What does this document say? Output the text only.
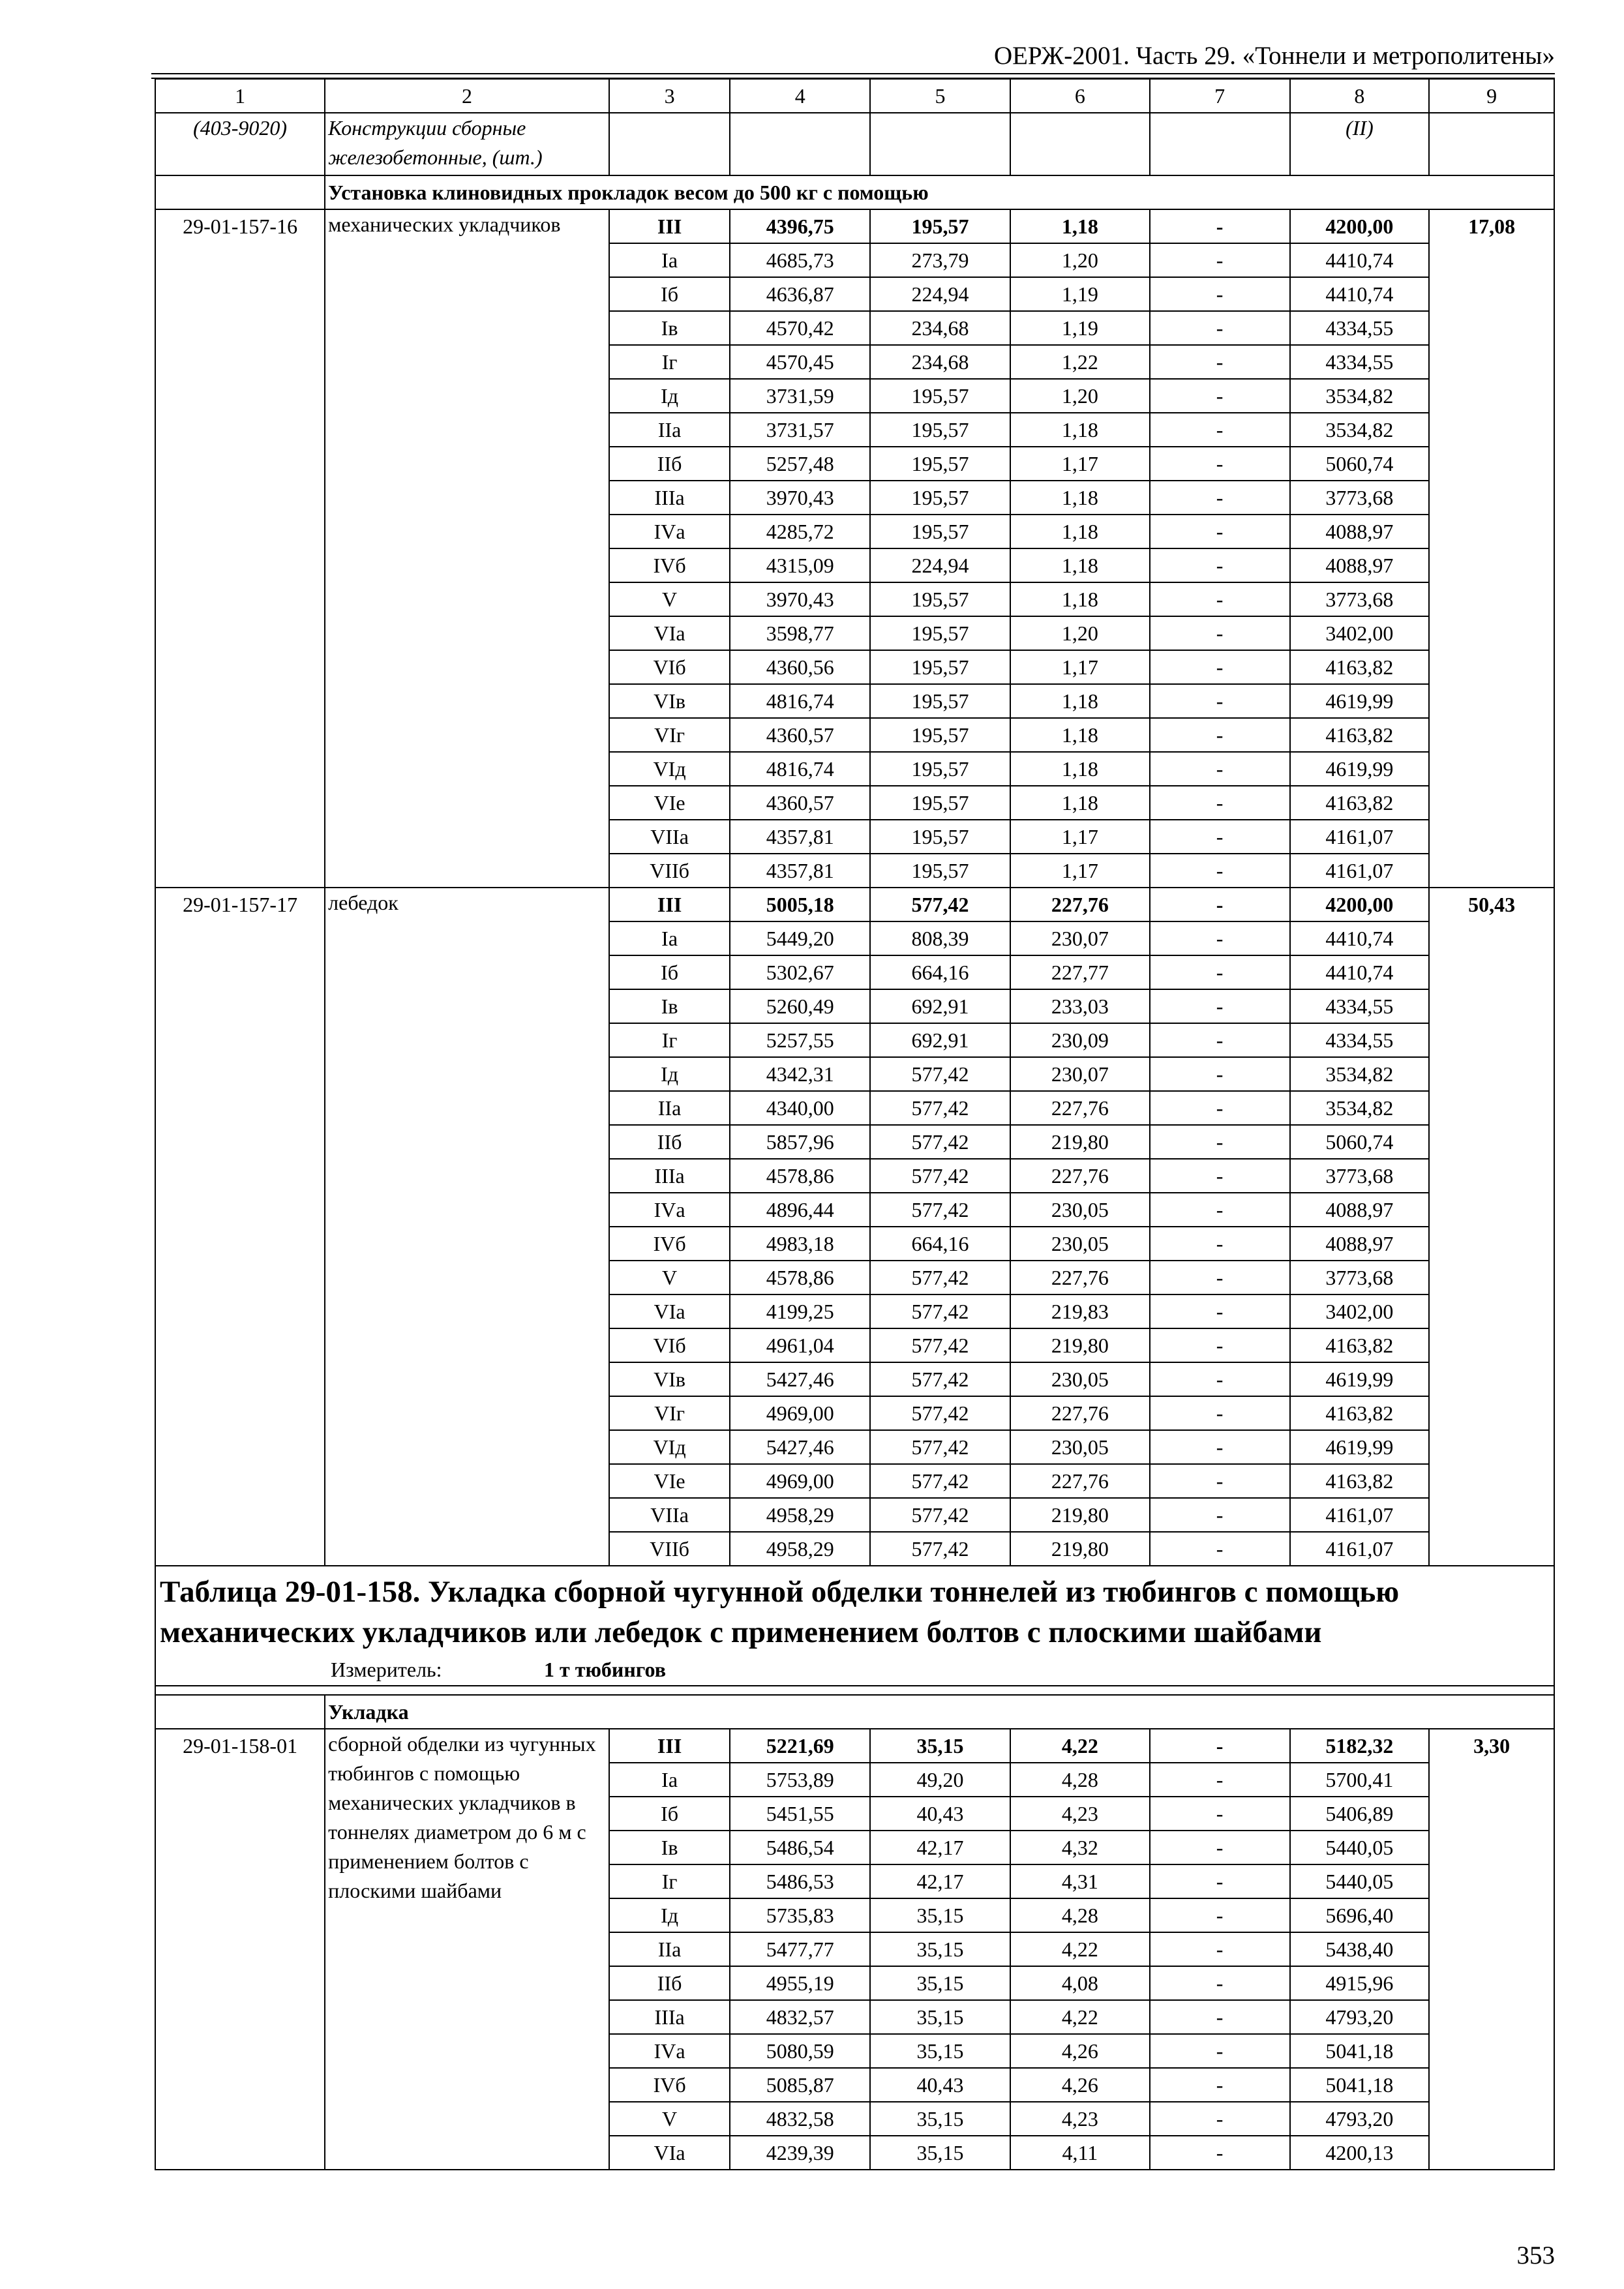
ОЕРЖ-2001. Часть 29. «Тоннели и метрополитены»
1	2	3	4	5	6	7	8	9
(403-9020)	Конструкции сборные железобетонные, (шт.)						(II)	
	Установка клиновидных прокладок весом до 500 кг с помощью							
29-01-157-16	механических укладчиков	III	4396,75	195,57	1,18	-	4200,00	17,08
		Iа	4685,73	273,79	1,20	-	4410,74	
		Iб	4636,87	224,94	1,19	-	4410,74	
		Iв	4570,42	234,68	1,19	-	4334,55	
		Iг	4570,45	234,68	1,22	-	4334,55	
		Iд	3731,59	195,57	1,20	-	3534,82	
		IIа	3731,57	195,57	1,18	-	3534,82	
		IIб	5257,48	195,57	1,17	-	5060,74	
		IIIа	3970,43	195,57	1,18	-	3773,68	
		IVа	4285,72	195,57	1,18	-	4088,97	
		IVб	4315,09	224,94	1,18	-	4088,97	
		V	3970,43	195,57	1,18	-	3773,68	
		VIа	3598,77	195,57	1,20	-	3402,00	
		VIб	4360,56	195,57	1,17	-	4163,82	
		VIв	4816,74	195,57	1,18	-	4619,99	
		VIг	4360,57	195,57	1,18	-	4163,82	
		VIд	4816,74	195,57	1,18	-	4619,99	
		VIе	4360,57	195,57	1,18	-	4163,82	
		VIIа	4357,81	195,57	1,17	-	4161,07	
		VIIб	4357,81	195,57	1,17	-	4161,07	
29-01-157-17	лебедок	III	5005,18	577,42	227,76	-	4200,00	50,43
		Iа	5449,20	808,39	230,07	-	4410,74	
		Iб	5302,67	664,16	227,77	-	4410,74	
		Iв	5260,49	692,91	233,03	-	4334,55	
		Iг	5257,55	692,91	230,09	-	4334,55	
		Iд	4342,31	577,42	230,07	-	3534,82	
		IIа	4340,00	577,42	227,76	-	3534,82	
		IIб	5857,96	577,42	219,80	-	5060,74	
		IIIа	4578,86	577,42	227,76	-	3773,68	
		IVа	4896,44	577,42	230,05	-	4088,97	
		IVб	4983,18	664,16	230,05	-	4088,97	
		V	4578,86	577,42	227,76	-	3773,68	
		VIа	4199,25	577,42	219,83	-	3402,00	
		VIб	4961,04	577,42	219,80	-	4163,82	
		VIв	5427,46	577,42	230,05	-	4619,99	
		VIг	4969,00	577,42	227,76	-	4163,82	
		VIд	5427,46	577,42	230,05	-	4619,99	
		VIе	4969,00	577,42	227,76	-	4163,82	
		VIIа	4958,29	577,42	219,80	-	4161,07	
		VIIб	4958,29	577,42	219,80	-	4161,07	

Таблица 29-01-158. Укладка сборной чугунной обделки тоннелей из тюбингов с помощью механических укладчиков или лебедок с применением болтов с плоскими шайбами
Измеритель: 1 т тюбингов								

	Укладка							
29-01-158-01	сборной обделки из чугунных тюбингов с помощью механических укладчиков в тоннелях диаметром до 6 м с применением болтов с плоскими шайбами	III	5221,69	35,15	4,22	-	5182,32	3,30
		Iа	5753,89	49,20	4,28	-	5700,41	
		Iб	5451,55	40,43	4,23	-	5406,89	
		Iв	5486,54	42,17	4,32	-	5440,05	
		Iг	5486,53	42,17	4,31	-	5440,05	
		Iд	5735,83	35,15	4,28	-	5696,40	
		IIа	5477,77	35,15	4,22	-	5438,40	
		IIб	4955,19	35,15	4,08	-	4915,96	
		IIIа	4832,57	35,15	4,22	-	4793,20	
		IVа	5080,59	35,15	4,26	-	5041,18	
		IVб	5085,87	40,43	4,26	-	5041,18	
		V	4832,58	35,15	4,23	-	4793,20	
		VIа	4239,39	35,15	4,11	-	4200,13	
353
